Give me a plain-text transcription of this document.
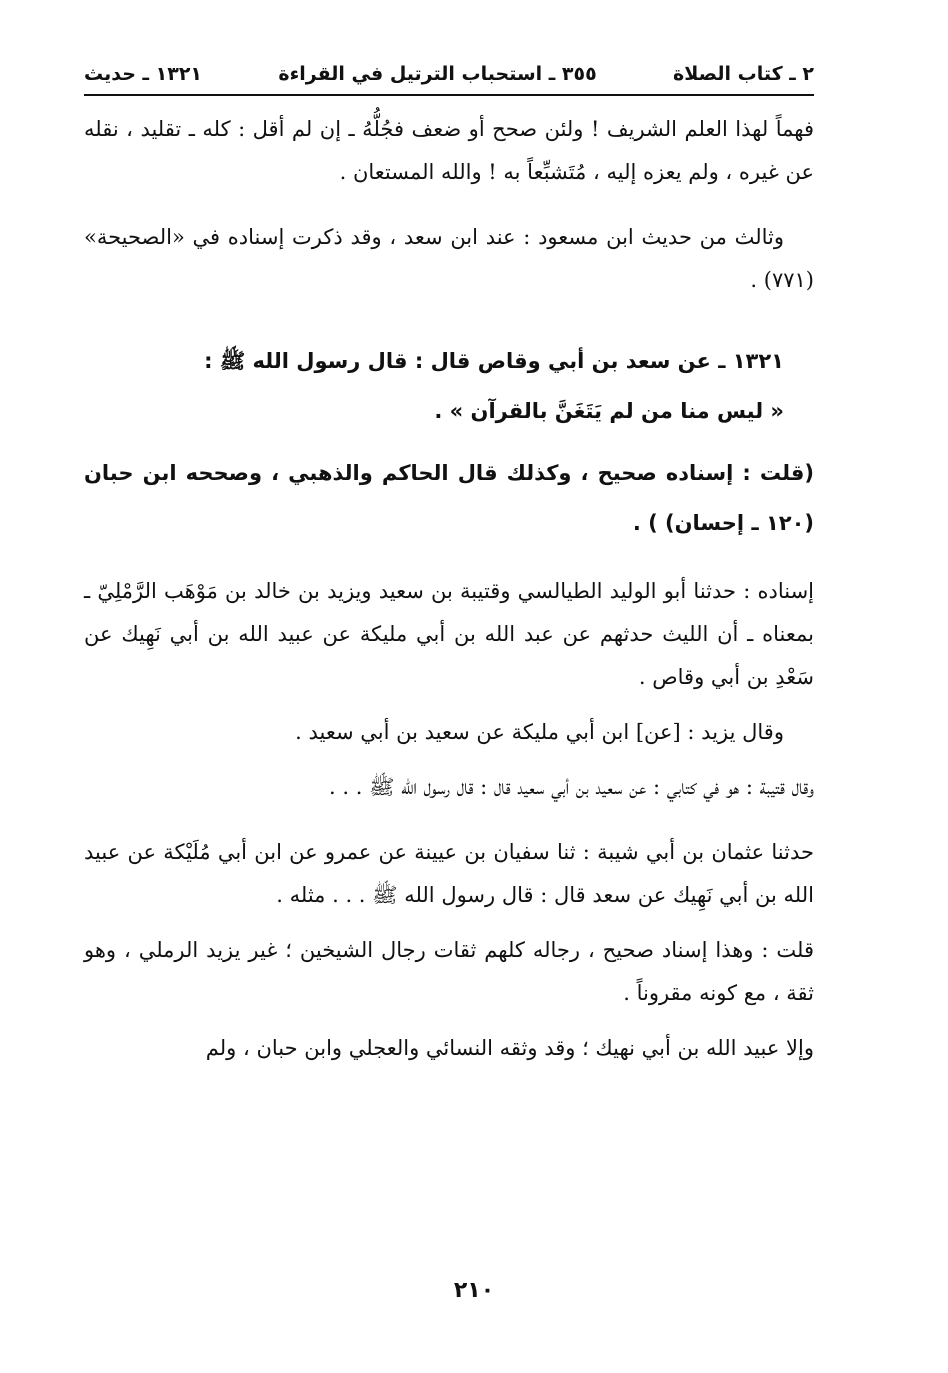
٢ ـ كتاب الصلاة
٣٥٥ ـ استحباب الترتيل في القراءة
١٣٢١ ـ حديث

فهماً لهذا العلم الشريف ! ولئن صحح أو ضعف فجُلُّهُ ـ إن لم أقل : كله ـ تقليد ، نقله عن غيره ، ولم يعزه إليه ، مُتَشبِّعاً به ! والله المستعان .

وثالث من حديث ابن مسعود : عند ابن سعد ، وقد ذكرت إسناده في «الصحيحة» (٧٧١) .

١٣٢١ ـ عن سعد بن أبي وقاص قال : قال رسول الله ﷺ :

« ليس منا من لم يَتَغَنَّ بالقرآن » .

(قلت : إسناده صحيح ، وكذلك قال الحاكم والذهبي ، وصححه ابن حبان (١٢٠ ـ إحسان) ) .

إسناده : حدثنا أبو الوليد الطيالسي وقتيبة بن سعيد ويزيد بن خالد بن مَوْهَب الرَّمْلِيّ ـ بمعناه ـ أن الليث حدثهم عن عبد الله بن أبي مليكة عن عبيد الله بن أبي نَهِيك عن سَعْدِ بن أبي وقاص .

وقال يزيد : [عن] ابن أبي مليكة عن سعيد بن أبي سعيد .

وقال قتيبة : هو في كتابي : عن سعيد بن أبي سعيد قال : قال رسول الله ﷺ . . .

حدثنا عثمان بن أبي شيبة : ثنا سفيان بن عيينة عن عمرو عن ابن أبي مُلَيْكة عن عبيد الله بن أبي نَهِيك عن سعد قال : قال رسول الله ﷺ . . . مثله .

قلت : وهذا إسناد صحيح ، رجاله كلهم ثقات رجال الشيخين ؛ غير يزيد الرملي ، وهو ثقة ، مع كونه مقروناً .

وإلا عبيد الله بن أبي نهيك ؛ وقد وثقه النسائي والعجلي وابن حبان ، ولم

٢١٠
